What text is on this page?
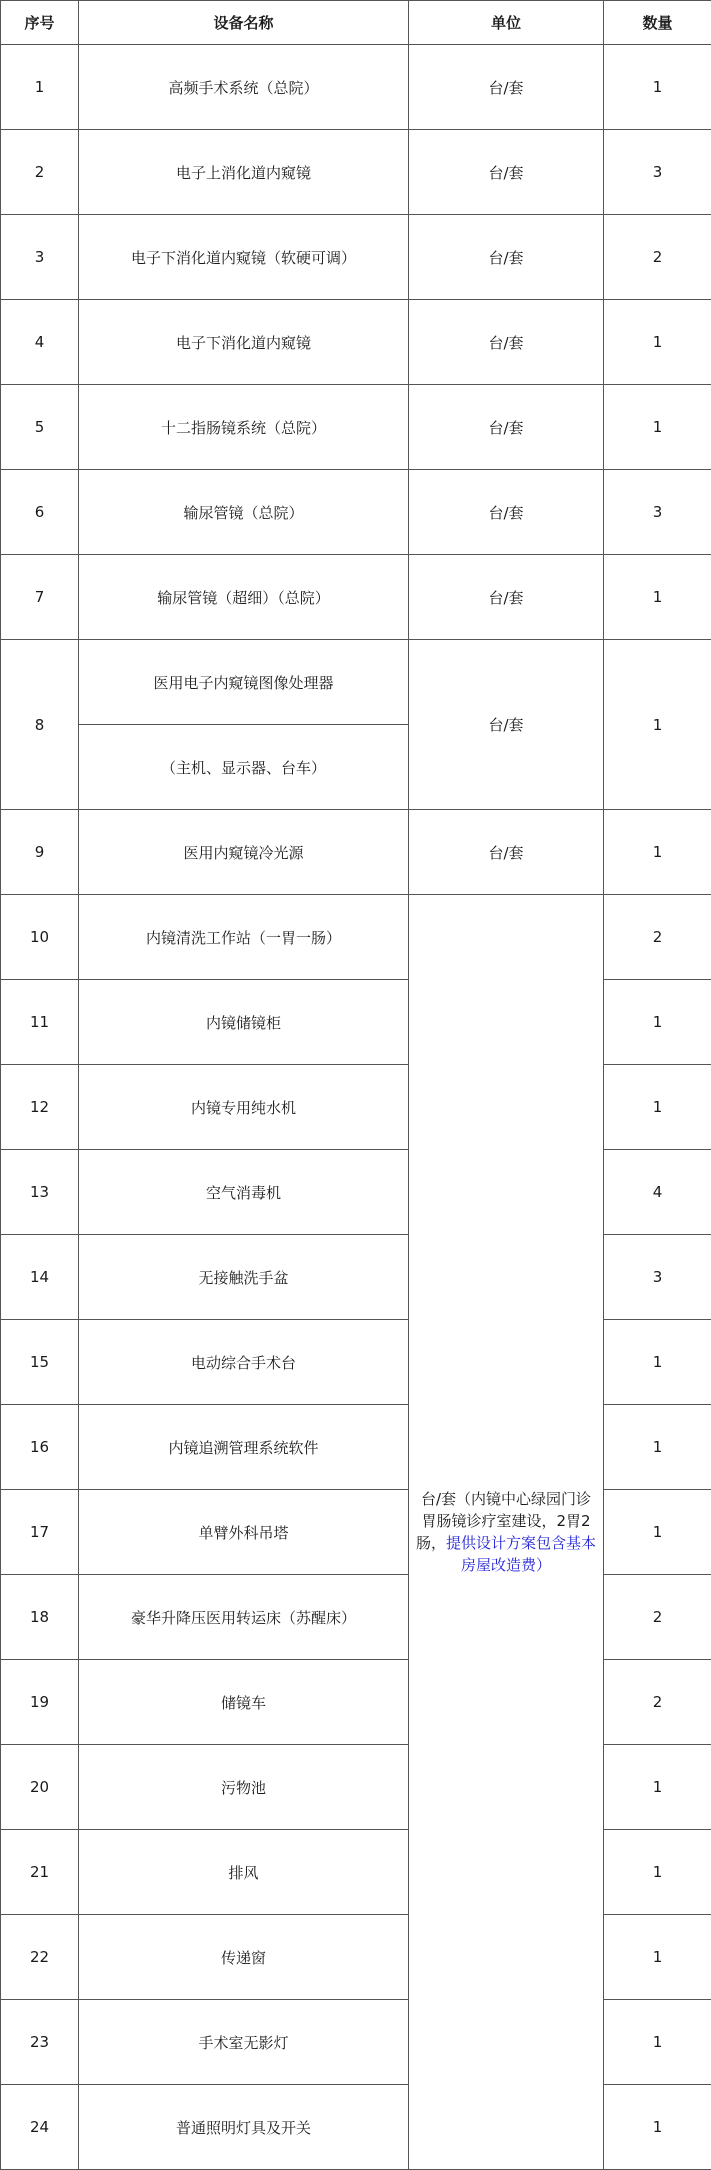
序号	设备名称	单位	数量
1	高频手术系统（总院）	台/套	1
2	电子上消化道内窥镜	台/套	3
3	电子下消化道内窥镜（软硬可调）	台/套	2
4	电子下消化道内窥镜	台/套	1
5	十二指肠镜系统（总院）	台/套	1
6	输尿管镜（总院）	台/套	3
7	输尿管镜（超细）（总院）	台/套	1
8	医用电子内窥镜图像处理器	台/套	1
	（主机、显示器、台车）		
9	医用内窥镜冷光源	台/套	1
10	内镜清洗工作站（一胃一肠）	台/套（内镜中心绿园门诊胃肠镜诊疗室建设，2胃2肠，提供设计方案包含基本房屋改造费）	2
11	内镜储镜柜		1
12	内镜专用纯水机		1
13	空气消毒机		4
14	无接触洗手盆		3
15	电动综合手术台		1
16	内镜追溯管理系统软件		1
17	单臂外科吊塔		1
18	豪华升降压医用转运床（苏醒床）		2
19	储镜车		2
20	污物池		1
21	排风		1
22	传递窗		1
23	手术室无影灯		1
24	普通照明灯具及开关		1
